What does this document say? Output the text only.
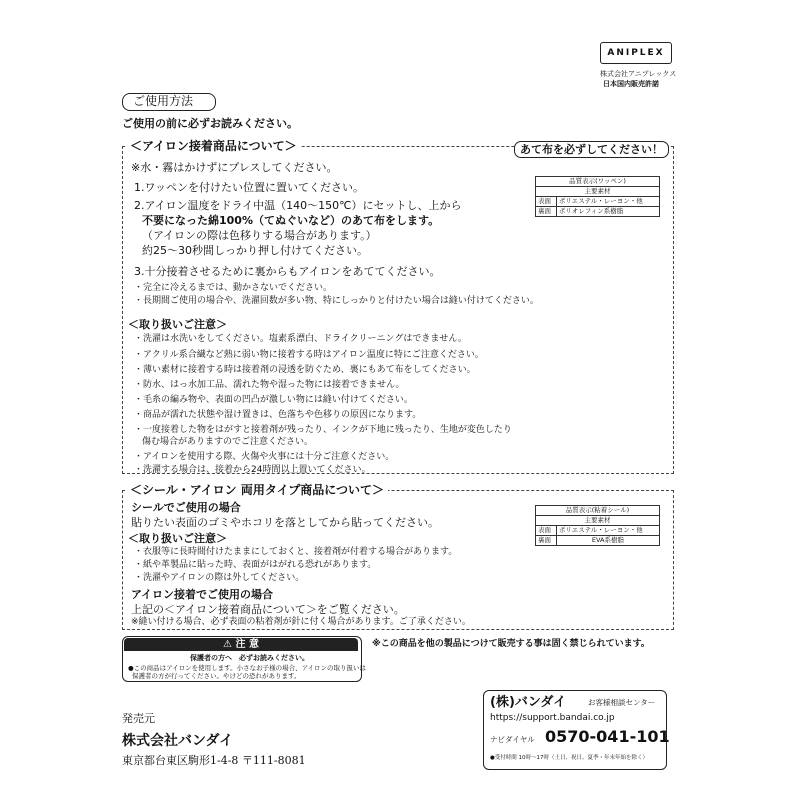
ANIPLEX
株式会社アニプレックス
日本国内販売許諾
ご使用方法
ご使用の前に必ずお読みください。
＜アイロン接着商品について＞	あて布を必ずしてください！
※水・霧はかけずにプレスしてください。
1.ワッペンを付けたい位置に置いてください。
2.アイロン温度をドライ中温（140〜150℃）にセットし、上から
不要になった綿100%（てぬぐいなど）のあて布をします。
（アイロンの際は色移りする場合があります。）
約25〜30秒間しっかり押し付けてください。
3.十分接着させるために裏からもアイロンをあててください。
・完全に冷えるまでは、動かさないでください。
・長期間ご使用の場合や、洗濯回数が多い物、特にしっかりと付けたい場合は縫い付けてください。
＜取り扱いご注意＞
・洗濯は水洗いをしてください。塩素系漂白、ドライクリーニングはできません。
・アクリル系合繊など熱に弱い物に接着する時はアイロン温度に特にご注意ください。
・薄い素材に接着する時は接着剤の浸透を防ぐため、裏にもあて布をしてください。
・防水、はっ水加工品、濡れた物や湿った物には接着できません。
・毛糸の編み物や、表面の凹凸が激しい物には縫い付けてください。
・商品が濡れた状態や湿け置きは、色落ちや色移りの原因になります。
・一度接着した物をはがすと接着剤が残ったり、インクが下地に残ったり、生地が変色したり
傷む場合がありますのでご注意ください。
・アイロンを使用する際、火傷や火事には十分ご注意ください。
・洗濯する場合は、接着から24時間以上置いてください。
品質表示(ワッペン)	
主要素材	
表面	ポリエステル・レーヨン・他
裏面	ポリオレフィン系樹脂
＜シール・アイロン 両用タイプ商品について＞
シールでご使用の場合
貼りたい表面のゴミやホコリを落としてから貼ってください。
＜取り扱いご注意＞
・衣服等に長時間付けたままにしておくと、接着剤が付着する場合があります。
・紙や革製品に貼った時、表面がはがれる恐れがあります。
・洗濯やアイロンの際は外してください。
アイロン接着でご使用の場合
上記の＜アイロン接着商品について＞をご覧ください。
※縫い付ける場合、必ず表面の粘着剤が針に付く場合があります。ご了承ください。
品質表示(粘着シール)	
主要素材	
表面	ポリエステル・レーヨン・他
裏面	EVA系樹脂
⚠ 注 意
保護者の方へ　必ずお読みください。
●この商品はアイロンを使用します。小さなお子様の場合、アイロンの取り扱いは
保護者の方が行ってください。やけどの恐れがあります。
※この商品を他の製品につけて販売する事は固く禁じられています。
発売元
株式会社バンダイ
東京都台東区駒形1-4-8 〒111-8081
(株)バンダイ	お客様相談センター
https://support.bandai.co.jp
ナビダイヤル 0570-041-101
●受付時間 10時〜17時（土日、祝日、夏季・年末年始を除く）
